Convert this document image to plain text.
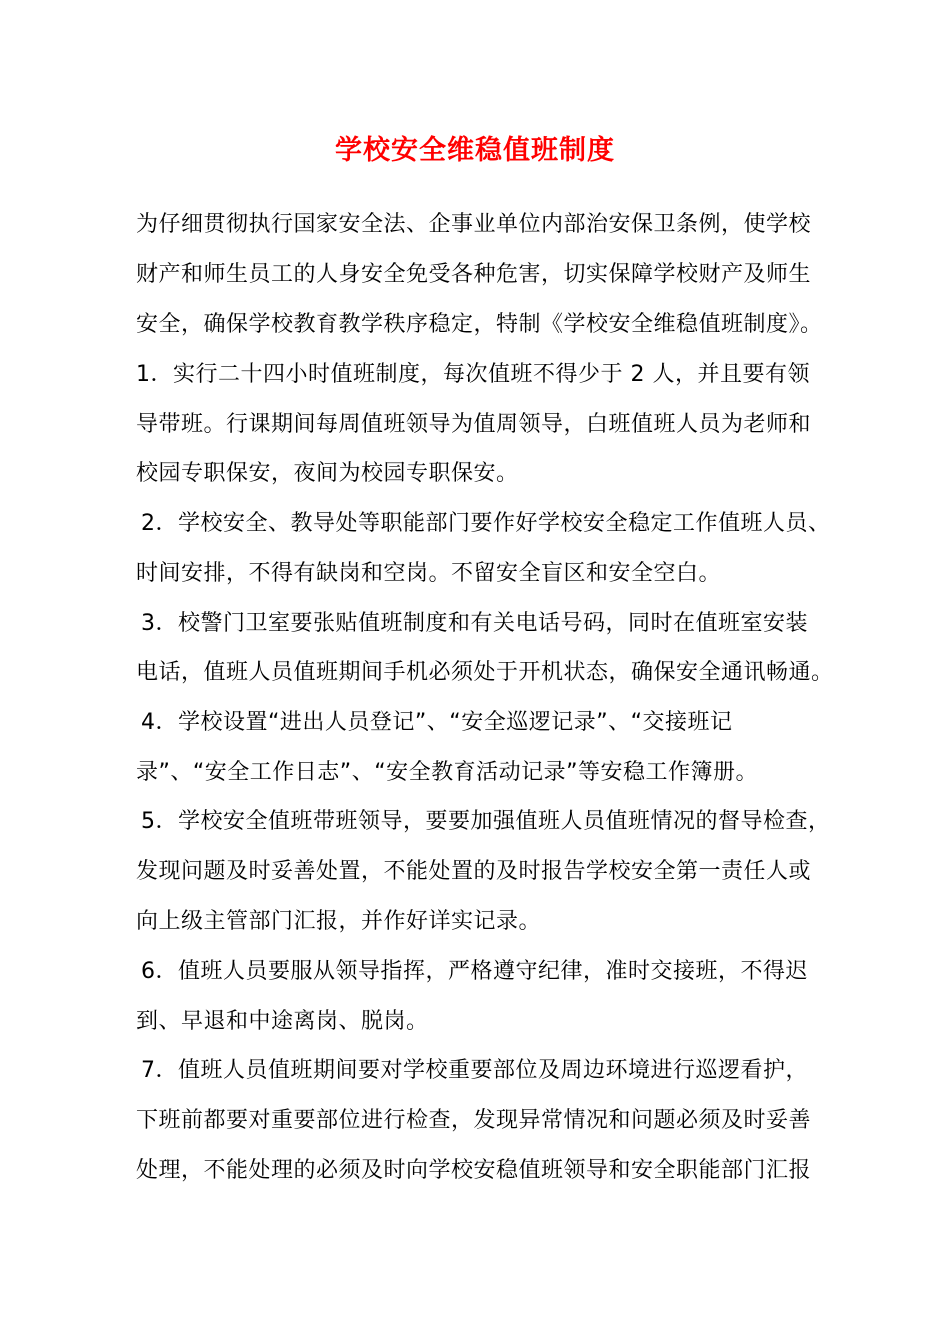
学校安全维稳值班制度
为仔细贯彻执行国家安全法、企事业单位内部治安保卫条例，使学校
财产和师生员工的人身安全免受各种危害，切实保障学校财产及师生
安全，确保学校教育教学秩序稳定，特制《学校安全维稳值班制度》。
1．实行二十四小时值班制度，每次值班不得少于 2 人，并且要有领
导带班。行课期间每周值班领导为值周领导，白班值班人员为老师和
校园专职保安，夜间为校园专职保安。
2．学校安全、教导处等职能部门要作好学校安全稳定工作值班人员、
时间安排，不得有缺岗和空岗。不留安全盲区和安全空白。
3．校警门卫室要张贴值班制度和有关电话号码，同时在值班室安装
电话，值班人员值班期间手机必须处于开机状态，确保安全通讯畅通。
4．学校设置“进出人员登记”、“安全巡逻记录”、“交接班记
录”、“安全工作日志”、“安全教育活动记录”等安稳工作簿册。
5．学校安全值班带班领导，要要加强值班人员值班情况的督导检查，
发现问题及时妥善处置，不能处置的及时报告学校安全第一责任人或
向上级主管部门汇报，并作好详实记录。
6．值班人员要服从领导指挥，严格遵守纪律，准时交接班，不得迟
到、早退和中途离岗、脱岗。
7．值班人员值班期间要对学校重要部位及周边环境进行巡逻看护，
下班前都要对重要部位进行检查，发现异常情况和问题必须及时妥善
处理，不能处理的必须及时向学校安稳值班领导和安全职能部门汇报
